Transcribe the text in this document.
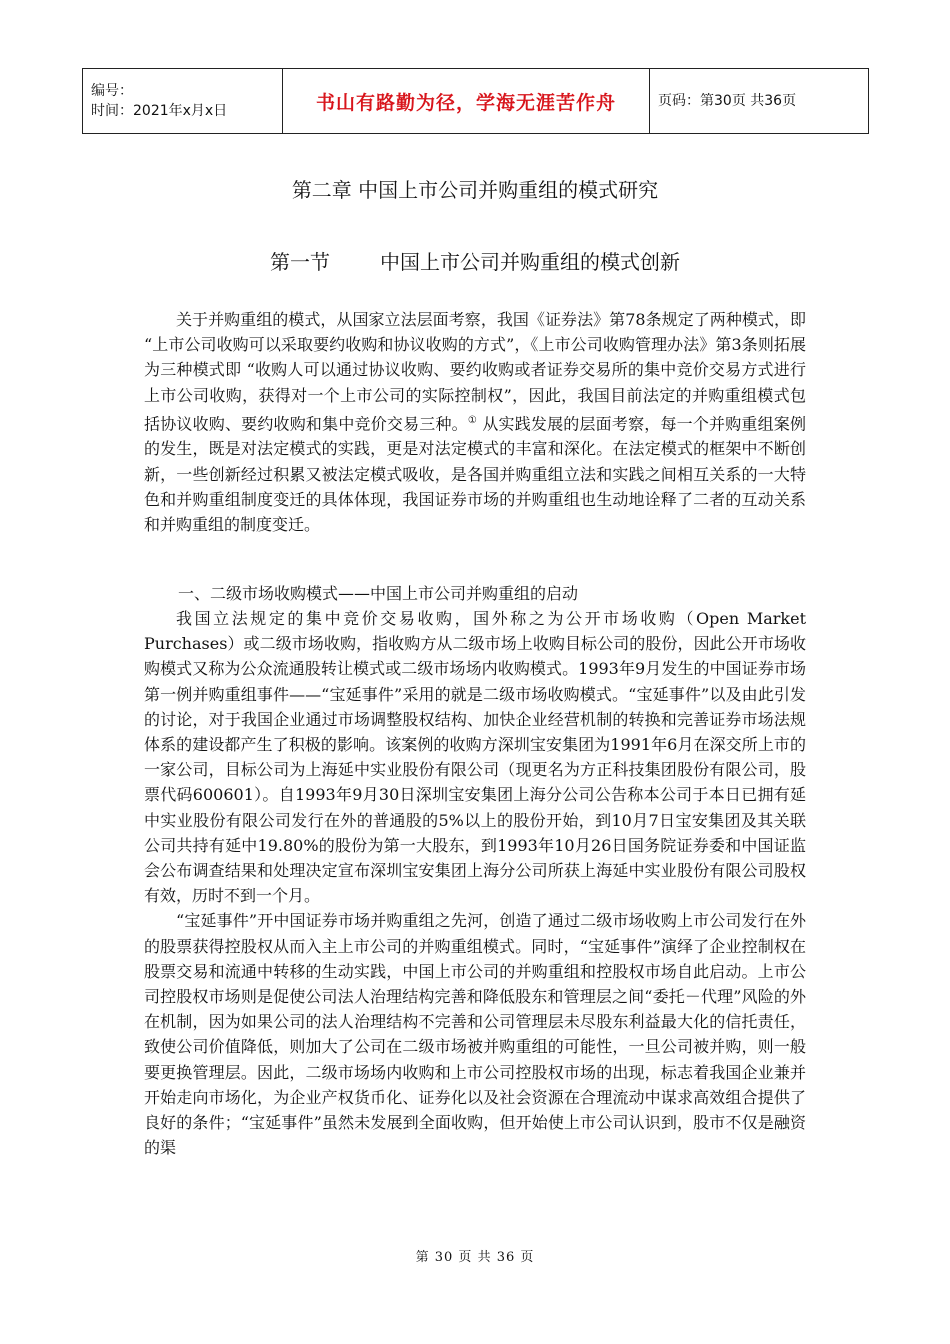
编号：
时间：2021年x月x日	书山有路勤为径，学海无涯苦作舟	页码：第30页 共36页
第二章 中国上市公司并购重组的模式研究
第一节	中国上市公司并购重组的模式创新

关于并购重组的模式，从国家立法层面考察，我国《证券法》第78条规定了两种模式，即 “上市公司收购可以采取要约收购和协议收购的方式”，《上市公司收购管理办法》第3条则拓展为三种模式即 “收购人可以通过协议收购、要约收购或者证券交易所的集中竞价交易方式进行上市公司收购，获得对一个上市公司的实际控制权”，因此，我国目前法定的并购重组模式包括协议收购、要约收购和集中竞价交易三种。① 从实践发展的层面考察，每一个并购重组案例的发生，既是对法定模式的实践，更是对法定模式的丰富和深化。在法定模式的框架中不断创新，一些创新经过积累又被法定模式吸收，是各国并购重组立法和实践之间相互关系的一大特色和并购重组制度变迁的具体体现，我国证券市场的并购重组也生动地诠释了二者的互动关系和并购重组的制度变迁。

一、二级市场收购模式——中国上市公司并购重组的启动

我国立法规定的集中竞价交易收购，国外称之为公开市场收购（Open Market Purchases）或二级市场收购，指收购方从二级市场上收购目标公司的股份，因此公开市场收购模式又称为公众流通股转让模式或二级市场场内收购模式。1993年9月发生的中国证券市场第一例并购重组事件——“宝延事件”采用的就是二级市场收购模式。“宝延事件”以及由此引发的讨论，对于我国企业通过市场调整股权结构、加快企业经营机制的转换和完善证券市场法规体系的建设都产生了积极的影响。该案例的收购方深圳宝安集团为1991年6月在深交所上市的一家公司，目标公司为上海延中实业股份有限公司（现更名为方正科技集团股份有限公司，股票代码600601）。自1993年9月30日深圳宝安集团上海分公司公告称本公司于本日已拥有延中实业股份有限公司发行在外的普通股的5%以上的股份开始，到10月7日宝安集团及其关联公司共持有延中19.80%的股份为第一大股东，到1993年10月26日国务院证券委和中国证监会公布调查结果和处理决定宣布深圳宝安集团上海分公司所获上海延中实业股份有限公司股权有效，历时不到一个月。

“宝延事件”开中国证券市场并购重组之先河，创造了通过二级市场收购上市公司发行在外的股票获得控股权从而入主上市公司的并购重组模式。同时，“宝延事件”演绎了企业控制权在股票交易和流通中转移的生动实践，中国上市公司的并购重组和控股权市场自此启动。上市公司控股权市场则是促使公司法人治理结构完善和降低股东和管理层之间“委托－代理”风险的外在机制，因为如果公司的法人治理结构不完善和公司管理层未尽股东利益最大化的信托责任，致使公司价值降低，则加大了公司在二级市场被并购重组的可能性，一旦公司被并购，则一般要更换管理层。因此，二级市场场内收购和上市公司控股权市场的出现，标志着我国企业兼并开始走向市场化，为企业产权货币化、证券化以及社会资源在合理流动中谋求高效组合提供了良好的条件；“宝延事件”虽然未发展到全面收购，但开始使上市公司认识到，股市不仅是融资的渠

第 30 页 共 36 页
